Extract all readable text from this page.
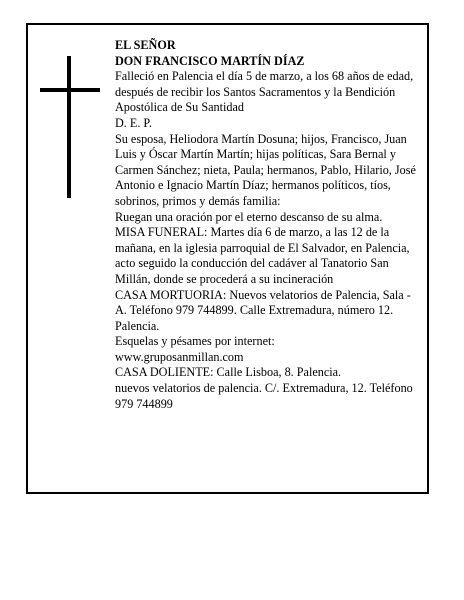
EL SEÑOR
DON FRANCISCO MARTÍN DÍAZ
Falleció en Palencia el día 5 de marzo, a los 68 años de edad, después de recibir los Santos Sacramentos y la Bendición Apostólica de Su Santidad
D. E. P.
Su esposa, Heliodora Martín Dosuna; hijos, Francisco, Juan Luis y Óscar Martín Martín; hijas políticas, Sara Bernal y Carmen Sánchez; nieta, Paula; hermanos, Pablo, Hilario, José Antonio e Ignacio Martín Díaz; hermanos políticos, tíos, sobrinos, primos y demás familia:
Ruegan una oración por el eterno descanso de su alma.
MISA FUNERAL: Martes día 6 de marzo, a las 12 de la mañana, en la iglesia parroquial de El Salvador, en Palencia, acto seguido la conducción del cadáver al Tanatorio San Millán, donde se procederá a su incineración
CASA MORTUORIA: Nuevos velatorios de Palencia, Sala - A. Teléfono 979 744899. Calle Extremadura, número 12. Palencia.
Esquelas y pésames por internet:
www.gruposanmillan.com
CASA DOLIENTE: Calle Lisboa, 8. Palencia.
nuevos velatorios de palencia. C/. Extremadura, 12. Teléfono 979 744899
